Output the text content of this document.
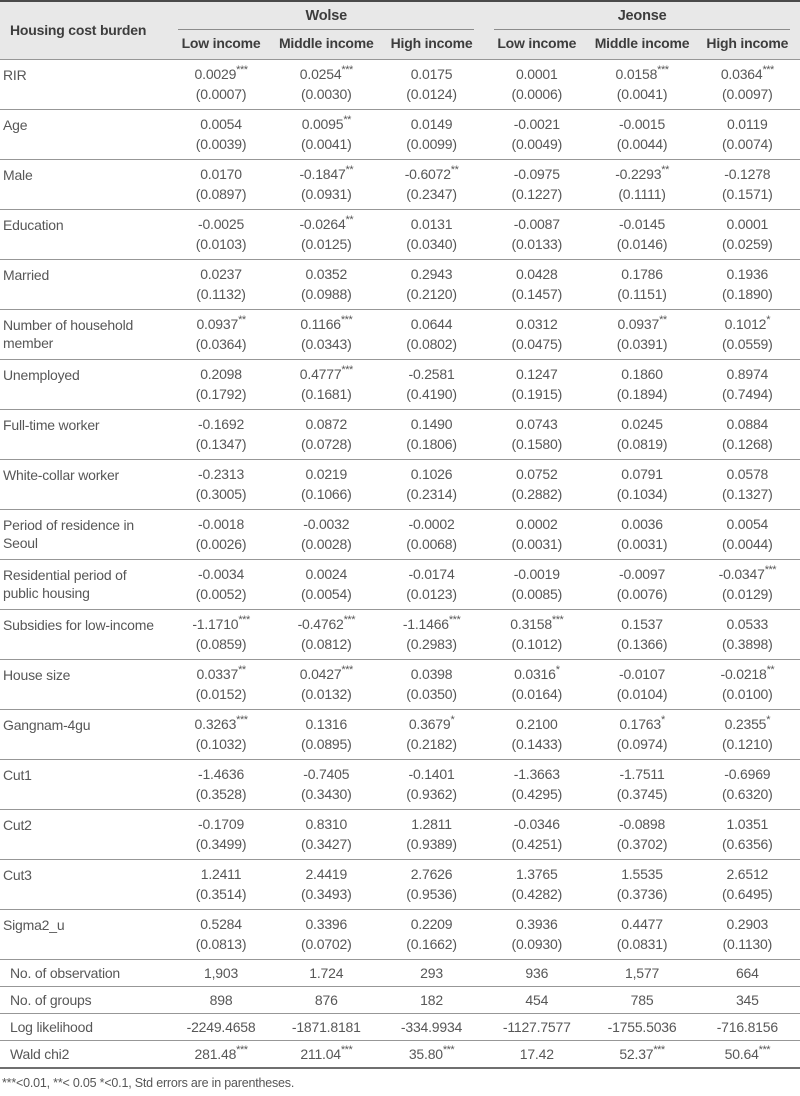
Housing cost burden	Wolse			Jeonse		

	Low income	Middle income	High income	Low income	Middle income	High income
RIR	0.0029***	0.0254***	0.0175	0.0001	0.0158***	0.0364***
	(0.0007)	(0.0030)	(0.0124)	(0.0006)	(0.0041)	(0.0097)
Age	0.0054	0.0095**	0.0149	-0.0021	-0.0015	0.0119
	(0.0039)	(0.0041)	(0.0099)	(0.0049)	(0.0044)	(0.0074)
Male	0.0170	-0.1847**	-0.6072**	-0.0975	-0.2293**	-0.1278
	(0.0897)	(0.0931)	(0.2347)	(0.1227)	(0.1111)	(0.1571)
Education	-0.0025	-0.0264**	0.0131	-0.0087	-0.0145	0.0001
	(0.0103)	(0.0125)	(0.0340)	(0.0133)	(0.0146)	(0.0259)
Married	0.0237	0.0352	0.2943	0.0428	0.1786	0.1936
	(0.1132)	(0.0988)	(0.2120)	(0.1457)	(0.1151)	(0.1890)
Number of household member	0.0937**	0.1166***	0.0644	0.0312	0.0937**	0.1012*
	(0.0364)	(0.0343)	(0.0802)	(0.0475)	(0.0391)	(0.0559)
Unemployed	0.2098	0.4777***	-0.2581	0.1247	0.1860	0.8974
	(0.1792)	(0.1681)	(0.4190)	(0.1915)	(0.1894)	(0.7494)
Full-time worker	-0.1692	0.0872	0.1490	0.0743	0.0245	0.0884
	(0.1347)	(0.0728)	(0.1806)	(0.1580)	(0.0819)	(0.1268)
White-collar worker	-0.2313	0.0219	0.1026	0.0752	0.0791	0.0578
	(0.3005)	(0.1066)	(0.2314)	(0.2882)	(0.1034)	(0.1327)
Period of residence in Seoul	-0.0018	-0.0032	-0.0002	0.0002	0.0036	0.0054
	(0.0026)	(0.0028)	(0.0068)	(0.0031)	(0.0031)	(0.0044)
Residential period of public housing	-0.0034	0.0024	-0.0174	-0.0019	-0.0097	-0.0347***
	(0.0052)	(0.0054)	(0.0123)	(0.0085)	(0.0076)	(0.0129)
Subsidies for low-income	-1.1710***	-0.4762***	-1.1466***	0.3158***	0.1537	0.0533
	(0.0859)	(0.0812)	(0.2983)	(0.1012)	(0.1366)	(0.3898)
House size	0.0337**	0.0427***	0.0398	0.0316*	-0.0107	-0.0218**
	(0.0152)	(0.0132)	(0.0350)	(0.0164)	(0.0104)	(0.0100)
Gangnam-4gu	0.3263***	0.1316	0.3679*	0.2100	0.1763*	0.2355*
	(0.1032)	(0.0895)	(0.2182)	(0.1433)	(0.0974)	(0.1210)
Cut1	-1.4636	-0.7405	-0.1401	-1.3663	-1.7511	-0.6969
	(0.3528)	(0.3430)	(0.9362)	(0.4295)	(0.3745)	(0.6320)
Cut2	-0.1709	0.8310	1.2811	-0.0346	-0.0898	1.0351
	(0.3499)	(0.3427)	(0.9389)	(0.4251)	(0.3702)	(0.6356)
Cut3	1.2411	2.4419	2.7626	1.3765	1.5535	2.6512
	(0.3514)	(0.3493)	(0.9536)	(0.4282)	(0.3736)	(0.6495)
Sigma2_u	0.5284	0.3396	0.2209	0.3936	0.4477	0.2903
	(0.0813)	(0.0702)	(0.1662)	(0.0930)	(0.0831)	(0.1130)
No. of observation	1,903	1.724	293	936	1,577	664
No. of groups	898	876	182	454	785	345
Log likelihood	-2249.4658	-1871.8181	-334.9934	-1127.7577	-1755.5036	-716.8156
Wald chi2	281.48***	211.04***	35.80***	17.42	52.37***	50.64***
***<0.01, **< 0.05 *<0.1, Std errors are in parentheses.
